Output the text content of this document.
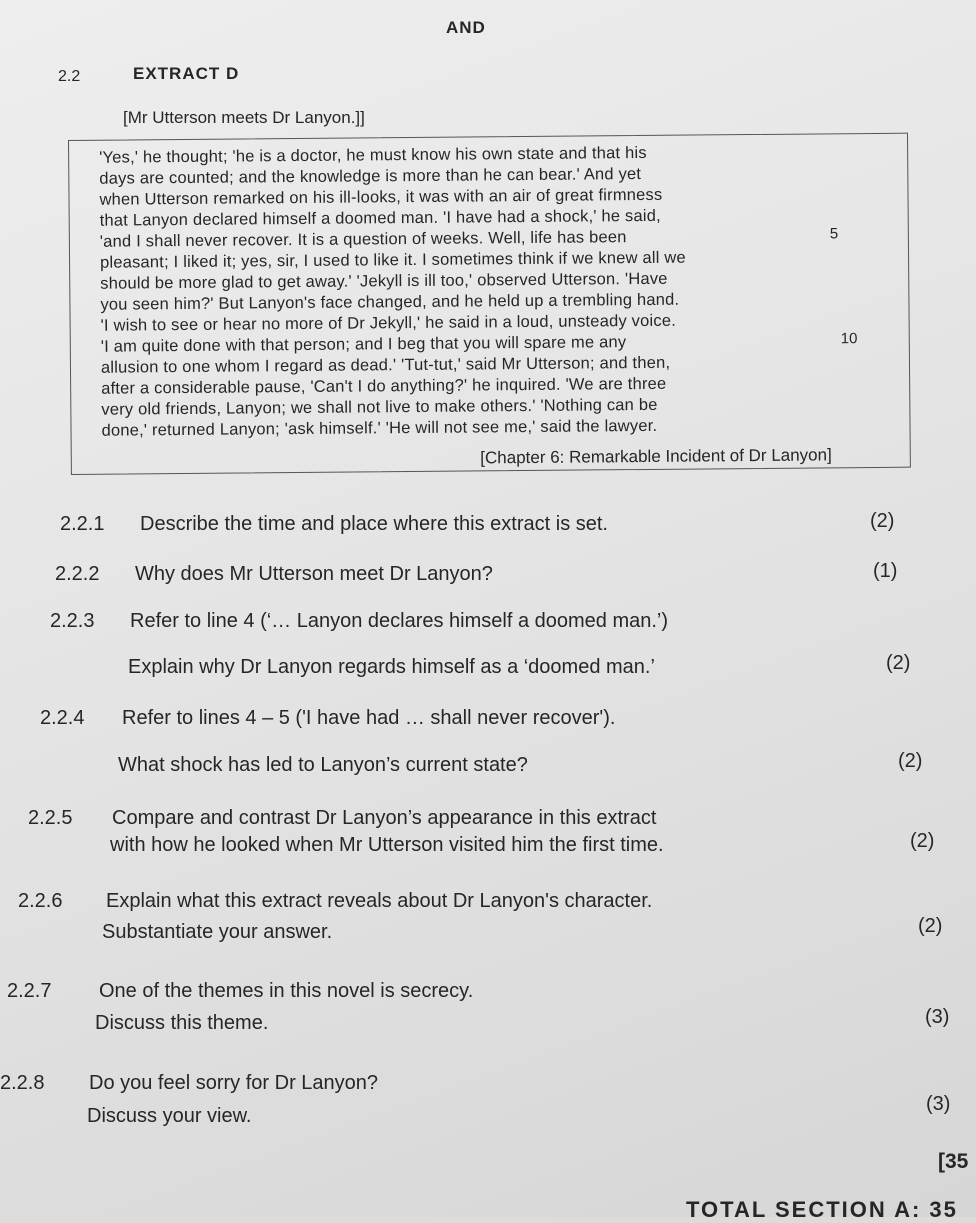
AND
2.2	EXTRACT D
[Mr Utterson meets Dr Lanyon.]]
'Yes,' he thought; 'he is a doctor, he must know his own state and that his
days are counted; and the knowledge is more than he can bear.' And yet
when Utterson remarked on his ill-looks, it was with an air of great firmness
that Lanyon declared himself a doomed man. 'I have had a shock,' he said,
'and I shall never recover. It is a question of weeks. Well, life has been
pleasant; I liked it; yes, sir, I used to like it. I sometimes think if we knew all we
should be more glad to get away.' 'Jekyll is ill too,' observed Utterson. 'Have
you seen him?' But Lanyon's face changed, and he held up a trembling hand.
'I wish to see or hear no more of Dr Jekyll,' he said in a loud, unsteady voice.
'I am quite done with that person; and I beg that you will spare me any
allusion to one whom I regard as dead.' 'Tut-tut,' said Mr Utterson; and then,
after a considerable pause, 'Can't I do anything?' he inquired. 'We are three
very old friends, Lanyon; we shall not live to make others.' 'Nothing can be
done,' returned Lanyon; 'ask himself.' 'He will not see me,' said the lawyer.
5
10
[Chapter 6: Remarkable Incident of Dr Lanyon]
2.2.1 Describe the time and place where this extract is set.	(2)
2.2.2 Why does Mr Utterson meet Dr Lanyon?	(1)
2.2.3 Refer to line 4 (‘… Lanyon declares himself a doomed man.’)
Explain why Dr Lanyon regards himself as a ‘doomed man.’	(2)
2.2.4 Refer to lines 4 – 5 ('I have had … shall never recover').
What shock has led to Lanyon’s current state?	(2)
2.2.5 Compare and contrast Dr Lanyon’s appearance in this extract
with how he looked when Mr Utterson visited him the first time.	(2)
2.2.6 Explain what this extract reveals about Dr Lanyon's character.
Substantiate your answer.	(2)
2.2.7 One of the themes in this novel is secrecy.
Discuss this theme.	(3)
2.2.8 Do you feel sorry for Dr Lanyon?
Discuss your view.
(3)
[35
TOTAL SECTION A: 35
